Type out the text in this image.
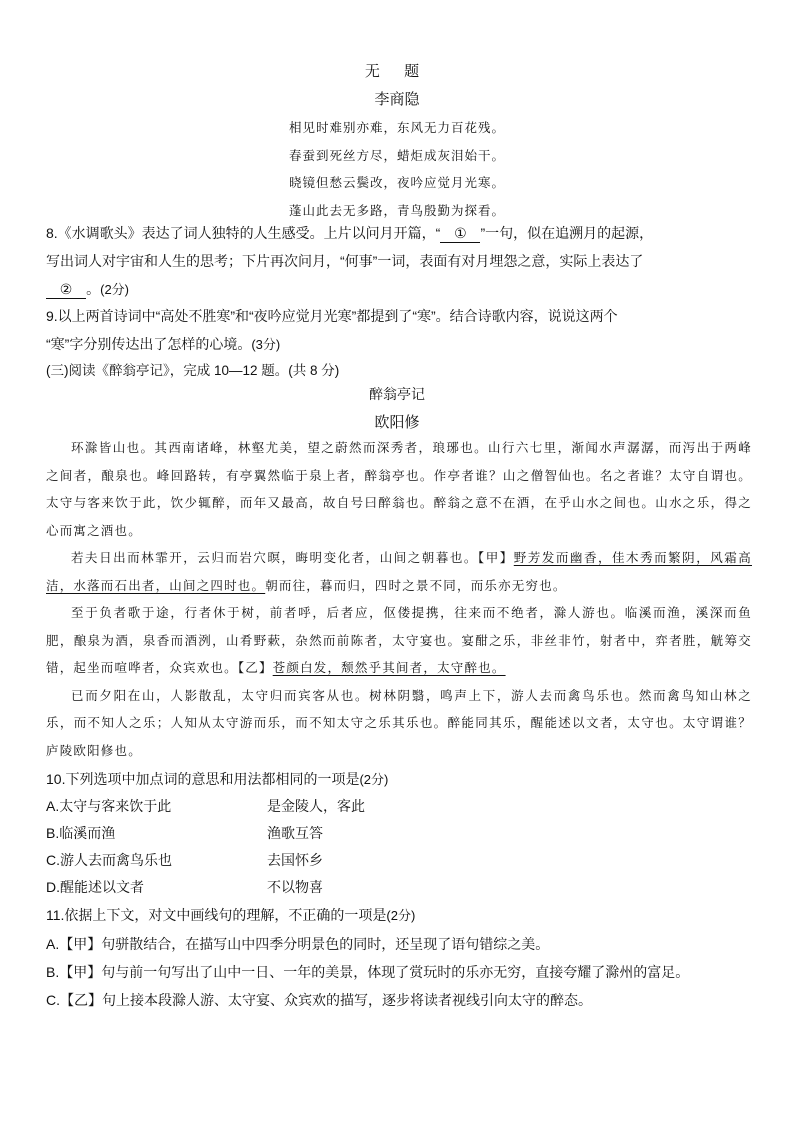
无 题
李商隐
相见时难别亦难，东风无力百花残。
春蚕到死丝方尽，蜡炬成灰泪始干。
晓镜但愁云鬓改，夜吟应觉月光寒。
蓬山此去无多路，青鸟殷勤为探看。
8.《水调歌头》表达了词人独特的人生感受。上片以问月开篇，“ ① ”一句，似在追溯月的起源，
写出词人对宇宙和人生的思考；下片再次问月，“何事”一词，表面有对月埋怨之意，实际上表达了
② 。(2分)
9.以上两首诗词中“高处不胜寒”和“夜吟应觉月光寒”都提到了“寒”。结合诗歌内容，说说这两个
“寒”字分别传达出了怎样的心境。(3分)
(三)阅读《醉翁亭记》，完成 10—12 题。(共 8 分)
醉翁亭记
欧阳修

环滁皆山也。其西南诸峰，林壑尤美，望之蔚然而深秀者，琅琊也。山行六七里，渐闻水声潺潺，而泻出于两峰之间者，酿泉也。峰回路转，有亭翼然临于泉上者，醉翁亭也。作亭者谁？山之僧智仙也。名之者谁？太守自谓也。太守与客来饮于此，饮少辄醉，而年又最高，故自号曰醉翁也。醉翁之意不在酒，在乎山水之间也。山水之乐，得之心而寓之酒也。

若夫日出而林霏开，云归而岩穴暝，晦明变化者，山间之朝暮也。【甲】野芳发而幽香，佳木秀而繁阴，风霜高洁，水落而石出者，山间之四时也。朝而往，暮而归，四时之景不同，而乐亦无穷也。

至于负者歌于途，行者休于树，前者呼，后者应，伛偻提携，往来而不绝者，滁人游也。临溪而渔，溪深而鱼肥，酿泉为酒，泉香而酒洌，山肴野蔌，杂然而前陈者，太守宴也。宴酣之乐，非丝非竹，射者中，弈者胜，觥筹交错，起坐而喧哗者，众宾欢也。【乙】苍颜白发，颓然乎其间者，太守醉也。

已而夕阳在山，人影散乱，太守归而宾客从也。树林阴翳，鸣声上下，游人去而禽鸟乐也。然而禽鸟知山林之乐，而不知人之乐；人知从太守游而乐，而不知太守之乐其乐也。醉能同其乐，醒能述以文者，太守也。太守谓谁？庐陵欧阳修也。

10.下列选项中加点词的意思和用法都相同的一项是(2分)
A.太守与客来饮于此	是金陵人，客此
B.临溪而渔	渔歌互答
C.游人去而禽鸟乐也	去国怀乡
D.醒能述以文者	不以物喜
11.依据上下文，对文中画线句的理解，不正确的一项是(2分)
A.【甲】句骈散结合，在描写山中四季分明景色的同时，还呈现了语句错综之美。
B.【甲】句与前一句写出了山中一日、一年的美景，体现了赏玩时的乐亦无穷，直接夸耀了滁州的富足。
C.【乙】句上接本段滁人游、太守宴、众宾欢的描写，逐步将读者视线引向太守的醉态。
